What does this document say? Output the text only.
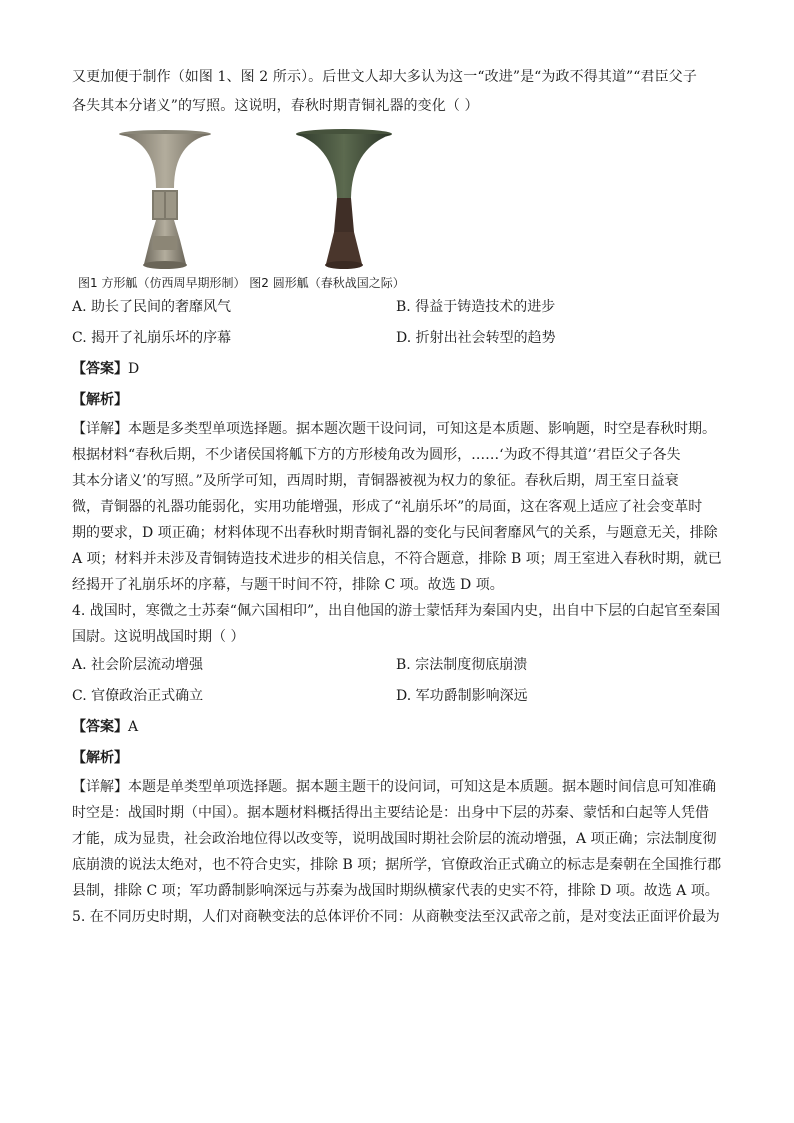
又更加便于制作（如图 1、图 2 所示）。后世文人却大多认为这一“改进”是“为政不得其道”“君臣父子
各失其本分诸义”的写照。这说明，春秋时期青铜礼器的变化（ ）
图1 方形觚（仿西周早期形制） 图2 圆形觚（春秋战国之际）
A. 助长了民间的奢靡风气	B. 得益于铸造技术的进步
C. 揭开了礼崩乐坏的序幕	D. 折射出社会转型的趋势
【答案】D
【解析】

【详解】本题是多类型单项选择题。据本题次题干设问词，可知这是本质题、影响题，时空是春秋时期。

根据材料“春秋后期，不少诸侯国将觚下方的方形棱角改为圆形，……‘为政不得其道’‘君臣父子各失

其本分诸义’的写照。”及所学可知，西周时期，青铜器被视为权力的象征。春秋后期，周王室日益衰

微，青铜器的礼器功能弱化，实用功能增强，形成了“礼崩乐坏”的局面，这在客观上适应了社会变革时

期的要求，D 项正确；材料体现不出春秋时期青铜礼器的变化与民间奢靡风气的关系，与题意无关，排除

A 项；材料并未涉及青铜铸造技术进步的相关信息，不符合题意，排除 B 项；周王室进入春秋时期，就已

经揭开了礼崩乐坏的序幕，与题干时间不符，排除 C 项。故选 D 项。

4. 战国时，寒微之士苏秦“佩六国相印”，出自他国的游士蒙恬拜为秦国内史，出自中下层的白起官至秦国

国尉。这说明战国时期（ ）

A. 社会阶层流动增强	B. 宗法制度彻底崩溃
C. 官僚政治正式确立	D. 军功爵制影响深远
【答案】A
【解析】

【详解】本题是单类型单项选择题。据本题主题干的设问词，可知这是本质题。据本题时间信息可知准确

时空是：战国时期（中国）。据本题材料概括得出主要结论是：出身中下层的苏秦、蒙恬和白起等人凭借

才能，成为显贵，社会政治地位得以改变等，说明战国时期社会阶层的流动增强，A 项正确；宗法制度彻

底崩溃的说法太绝对，也不符合史实，排除 B 项；据所学，官僚政治正式确立的标志是秦朝在全国推行郡

县制，排除 C 项；军功爵制影响深远与苏秦为战国时期纵横家代表的史实不符，排除 D 项。故选 A 项。

5. 在不同历史时期，人们对商鞅变法的总体评价不同：从商鞅变法至汉武帝之前，是对变法正面评价最为
